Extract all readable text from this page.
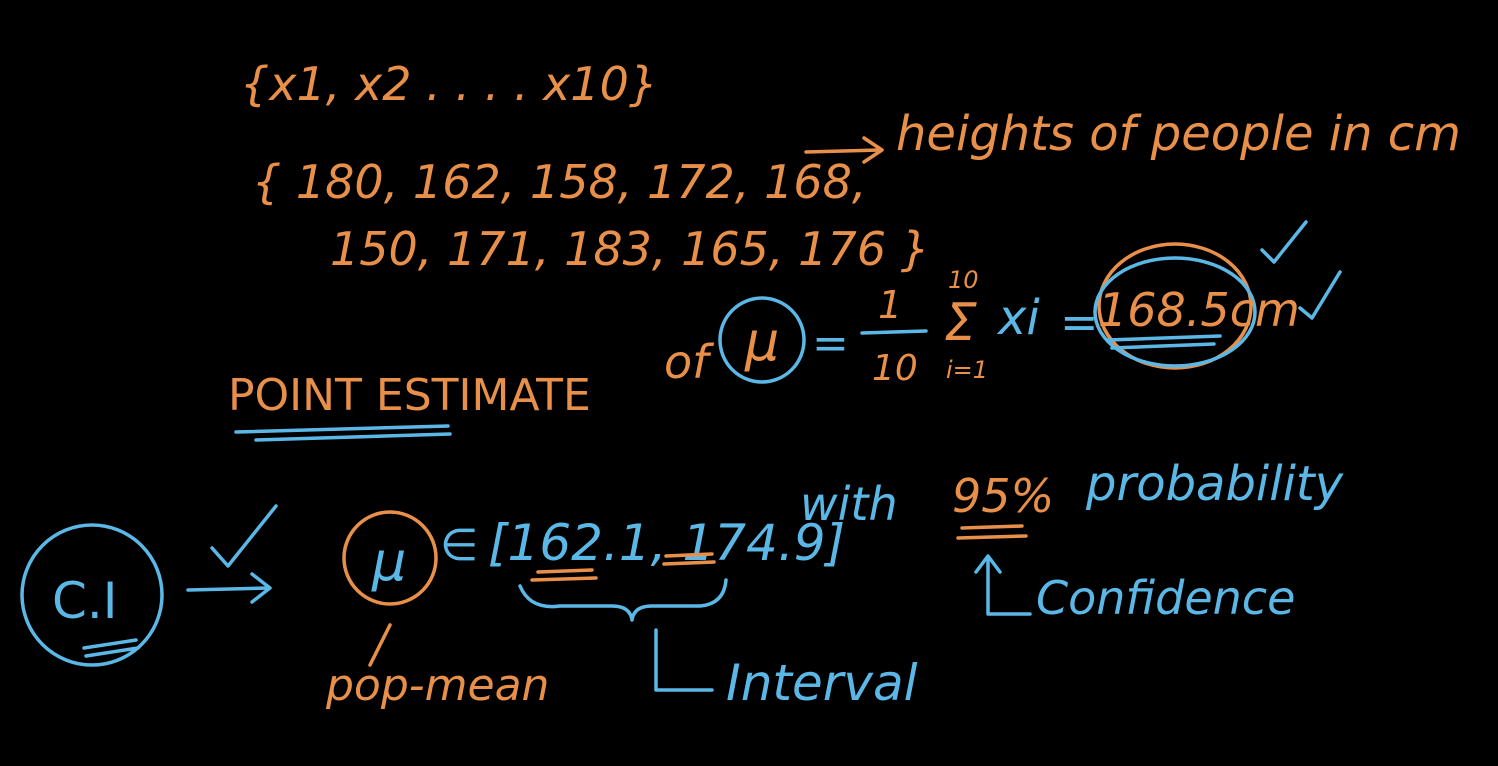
{x1, x2 . . . . x10}
{ 180, 162, 158, 172, 168,
150, 171, 183, 165, 176 }
heights of people in cm
POINT ESTIMATE
of μ =
1
10
10
Σ
i=1
xi = 168.5cm
C.I
μ
pop-mean
∈ [162.1, 174.9]
Interval
with 95% probability
Confidence
